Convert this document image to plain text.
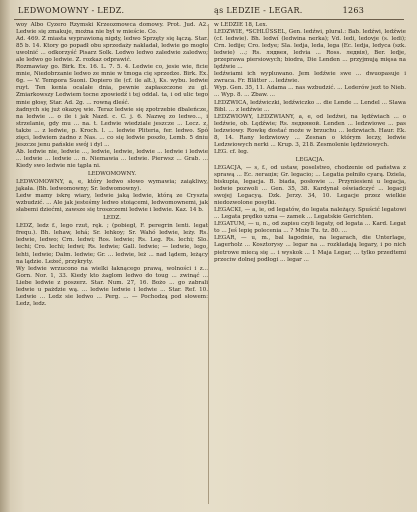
LEDWOMOWNY - LEDZ.	ąs LEDZIE - LEGAR.	1263

woy Albo Cyzero Rzymski Krzeozmowca domowy. Prot. Jud. A2. Ledwie się zmakuje, można nie był w mieście. Co.

Ad. 469. Z miasta wyprawioną nigdy, ledwo Sprzęty się łączą. Star. 85 b. 14. Ktory go popadł obu sprzedaży nakładał, ledwie go mogło uwolnić ... odkorzyść Pisarz Solk. Ledwo ledwo zaledwie zaledwo; ale ledwo go ledwie. Z. rozkaz odprawić.

Rozmawiay go. Birk. Ex. 16. L. 7. 5. 4. Ledwie co, jesie wie, ficie mnie, Niedobrzanie ledwo ze mnie w tmoga cię sprzedze. Birk. Ex. 6g. — V. Tempora Suoni. Dopiero ile (cf. ile alt.), Ks. wybu. ledwie ruyt. Ten kenia ocalałe dnia, pewnie zapłaszczone zu gl. Zmiarkowszy Ledwiem tocne zpowiedź i tej oddal. ta, i od ulic tego mnie głosy, Star. Ad. 2g. ... rowną dleść.

żadnych się już okazyę wie. Teraz ledwie się zpotrzebie dbaleńcze, na ledwie ... o ile i jak Nazd. c. C. j. 6. Nazwę zo ledwo..., i strzelanie, gdy mu ... na. t. Ledwie wiedziale jeszcze ... Lecz. z, także ... z ledwie, p. Kroch. l. ... ledwie Pliteria, fer. ledwo. Spó zięci, ledwiem żadno z Nas. ... co się ledwie poszło, Lemb. 5 dniu jeszcze jenu pańskie swój i dyl ...

Ab. ledwie nie, ledwie ..., ledwie, ledwie, ledwie ... ledwie i ledwie ... ledwie ... ledwie ... n. Niemawia ... ledwie. Pierwsz ... Grab. ... Kiedy swo ledwie nie tąpla ni.

LEDWOMOWNY.

LEDWOMOWNY, a, e, który ledwo słowo wymawia; zaiąkliwy, jąkała. (Bh. ledwomowny; Sr. ledwomowny).

Ledw mamy iskrę wiary, ledwie jaką ledwie, którą ze Cryszta wzbudzić. ... Ale jak jesteśmy ledwo stoiącemi, ledwomownemi, jak słabemi dziećmi, zawsze się troszczemi ledwie i ledwie. Kaz. 14 b.

LEDZ.

LEDZ, ledz f., lego rzut, ręk. ; (pobiegł, F. peregrin lenti. legat frequ.). Bh. lehaw, lehá; Sr. lehkoy; Sr. Wahó ledwie, leży. Rs. ledwie, ledwo; Crn. ledwi; Ros. ledwie; Rs. Leg. Rs. lechi; Slo. lechi; Cro. lechi; ledwi; Rs. ledwie; Gall. ledwie; — ledwie, lego, lehti, ledwie; Dalm. ledwie; Gr. ... ledwie, leż ... nad lądem, leżący na lądzie. Leżeć, przykryty.

Wy ledwie wrzucono na wielki łaknącego prawą, wolności i z... Gorn. Nor. 1, 33. Kiedy kto żaglom ledwo do toug ... zwinąć ... Liebe ledwie z poszerz. Star. Num. 27, 16. Bożo ... go zabrali ledwie u pażdzie wą. ... ledwie ledwie i ledwie ... Star. Ref. 10. Ledwie ... Ledz sie ledwo ... Perg. ... — Pochodzą pod słowem: Ledz, ledz.

w LEDZIE 18, Lex.

LEDZWIE, *SCHLÜSSEL, Gen. ledźwi, plural.: Bab. ledźwi, ledźwie (cf. ledwie). Bh. ledwí (ledwina nerka); Vd. ledi, ledovje (s. ledi); Crn. ledije; Cro. ledye; Sla. ledja, leda, lega (Ec. ledja, ledyca (szk. ledwie) ...; Rs. лядвея, ledvia ... Ross. ледвiя), Ber. ledje, przeprawa piersiowych; biodra, Die Lenden ... przyjmują mięsa na lędźwie ...

ledźwiami ich wypluwano. Jem ledźwie swe ... dwuopasuje i zwraca. Fr. Blätter ... ledźwie.

Wyp. Gen. 35, 11. Adama ... nas wzbudzić. ... Lederów jezt to Nieb. ... Wyp. 8. ... Zbaw. ...

LEDZWICA, ledźwiczki, ledźwiczko ... die Lende ... Lendel ... Slawa Bibl. ... z ledźwie ...

LEDZWIOWY, LEDZWIANY, a, e, od ledźwi, na lędźwiach ... o ledźwie, ob. Lędźwie; Rs. ледвяной. Lenden ... ledzwiowe ... pas ledzwiowy. Rowkę dostać może w brzuchu ... ledzwiach. Haur. Ek. 8, 14. Rany ledzwiowy ... Zesnan o którym leczy, ledwie Ledzwiowych nerki ... Krup. 3, 218. Zesmolenie lędżwiowych.

LEG. cf. łeg.

LEGACJA.

LEGACJA, — s, f., od ustaw, poselstwo, chodzenie od państwa z sprawą ... Ec. легацiя; Gr. legacio; ... Legatia pełniło cyarą. Dziela, biskupia, legacja. B. biada, posłowie ... Przyniesieni u legacja, ledwie pozwoli ... Gen. 35, 38. Kardynał oświadczyć ... legacji swojej Legacyą. Dzk. Jerzy. 34, 10. Legacje przez wielkie niedozwolone posyłki.

LEGACKI, — a, ie, od legatów, do legata należący. Spuścić legatowi ... Legata prędko uzna — zamek ... Legatskie Gerichten.

LEGATUM, — u, n., od zapisu czyli legaty, od legata ... Kard. Legat to ... Jeś lepię polecenia ... ? Mnie Tu. tz. 80. ...

LEGAR, — u, m., bal łagodnie, na legarach, die Unterlage, Lagerholz ... Kosztorysy ... legar na ... rozkładają legary, i po nich pietrowe miecą się ... i wyskok ... 1 Maja Legar, ... tylko przedtemi przeciw dolnej podłogi ... legar ...
